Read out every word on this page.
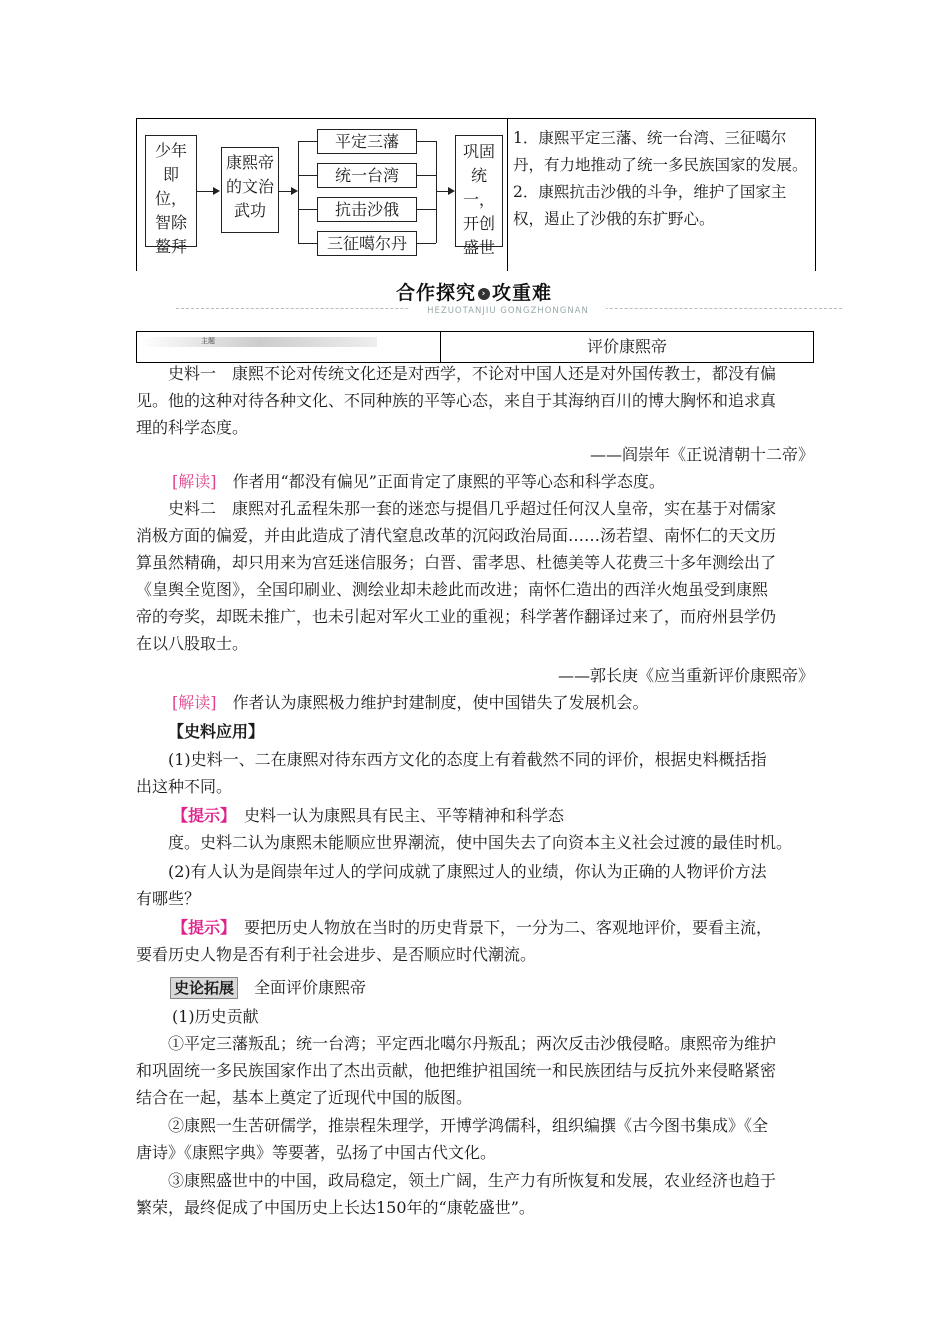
少年即位，智除鳌拜
康熙帝的文治武功
平定三藩
统一台湾
抗击沙俄
三征噶尔丹
巩固统一，开创盛世
1．康熙平定三藩、统一台湾、三征噶尔丹，有力地推动了统一多民族国家的发展。
2．康熙抗击沙俄的斗争，维护了国家主权，遏止了沙俄的东扩野心。
合作探究 › 攻重难
HEZUOTANJIU GONGZHONGNAN
主题	评价康熙帝
史料一　康熙不论对传统文化还是对西学，不论对中国人还是对外国传教士，都没有偏
见。他的这种对待各种文化、不同种族的平等心态，来自于其海纳百川的博大胸怀和追求真
理的科学态度。
——阎崇年《正说清朝十二帝》
[解读]　 作者用“都没有偏见”正面肯定了康熙的平等心态和科学态度。
史料二　康熙对孔孟程朱那一套的迷恋与提倡几乎超过任何汉人皇帝，实在基于对儒家
消极方面的偏爱，并由此造成了清代窒息改革的沉闷政治局面……汤若望、南怀仁的天文历
算虽然精确，却只用来为宫廷迷信服务；白晋、雷孝思、杜德美等人花费三十多年测绘出了
《皇舆全览图》，全国印刷业、测绘业却未趁此而改进；南怀仁造出的西洋火炮虽受到康熙
帝的夸奖，却既未推广，也未引起对军火工业的重视；科学著作翻译过来了，而府州县学仍
在以八股取士。
——郭长庚《应当重新评价康熙帝》
[解读]　 作者认为康熙极力维护封建制度，使中国错失了发展机会。
【史料应用】
(1)史料一、二在康熙对待东西方文化的态度上有着截然不同的评价，根据史料概括指
出这种不同。
【提示】　 史料一认为康熙具有民主、平等精神和科学态
度。史料二认为康熙未能顺应世界潮流，使中国失去了向资本主义社会过渡的最佳时机。
(2)有人认为是阎崇年过人的学问成就了康熙过人的业绩，你认为正确的人物评价方法
有哪些？
【提示】　 要把历史人物放在当时的历史背景下，一分为二、客观地评价，要看主流，
要看历史人物是否有利于社会进步、是否顺应时代潮流。
史论拓展　 全面评价康熙帝
(1)历史贡献
①平定三藩叛乱；统一台湾；平定西北噶尔丹叛乱；两次反击沙俄侵略。康熙帝为维护
和巩固统一多民族国家作出了杰出贡献，他把维护祖国统一和民族团结与反抗外来侵略紧密
结合在一起，基本上奠定了近现代中国的版图。
②康熙一生苦研儒学，推崇程朱理学，开博学鸿儒科，组织编撰《古今图书集成》《全
唐诗》《康熙字典》等要著，弘扬了中国古代文化。
③康熙盛世中的中国，政局稳定，领土广阔，生产力有所恢复和发展，农业经济也趋于
繁荣，最终促成了中国历史上长达150年的“康乾盛世”。
